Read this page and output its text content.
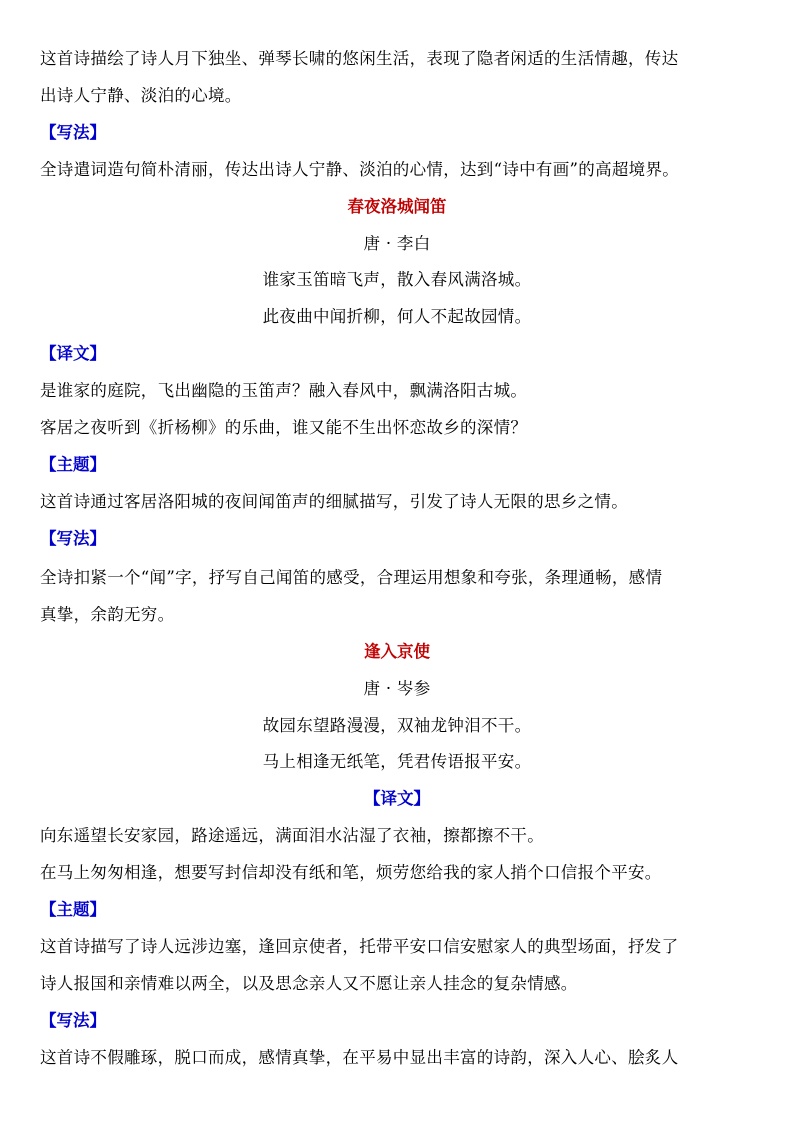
这首诗描绘了诗人月下独坐、弹琴长啸的悠闲生活，表现了隐者闲适的生活情趣，传达
出诗人宁静、淡泊的心境。
【写法】
全诗遣词造句简朴清丽，传达出诗人宁静、淡泊的心情，达到“诗中有画”的高超境界。
春夜洛城闻笛
唐 · 李白
谁家玉笛暗飞声，散入春风满洛城。
此夜曲中闻折柳，何人不起故园情。
【译文】
是谁家的庭院，飞出幽隐的玉笛声？融入春风中，飘满洛阳古城。
客居之夜听到《折杨柳》的乐曲，谁又能不生出怀恋故乡的深情？
【主题】
这首诗通过客居洛阳城的夜间闻笛声的细腻描写，引发了诗人无限的思乡之情。
【写法】
全诗扣紧一个“闻”字，抒写自己闻笛的感受，合理运用想象和夸张，条理通畅，感情
真挚，余韵无穷。
逢入京使
唐 · 岑参
故园东望路漫漫，双袖龙钟泪不干。
马上相逢无纸笔，凭君传语报平安。
【译文】
向东遥望长安家园，路途遥远，满面泪水沾湿了衣袖，擦都擦不干。
在马上匆匆相逢，想要写封信却没有纸和笔，烦劳您给我的家人捎个口信报个平安。
【主题】
这首诗描写了诗人远涉边塞，逢回京使者，托带平安口信安慰家人的典型场面，抒发了
诗人报国和亲情难以两全，以及思念亲人又不愿让亲人挂念的复杂情感。
【写法】
这首诗不假雕琢，脱口而成，感情真挚，在平易中显出丰富的诗韵，深入人心、脍炙人
